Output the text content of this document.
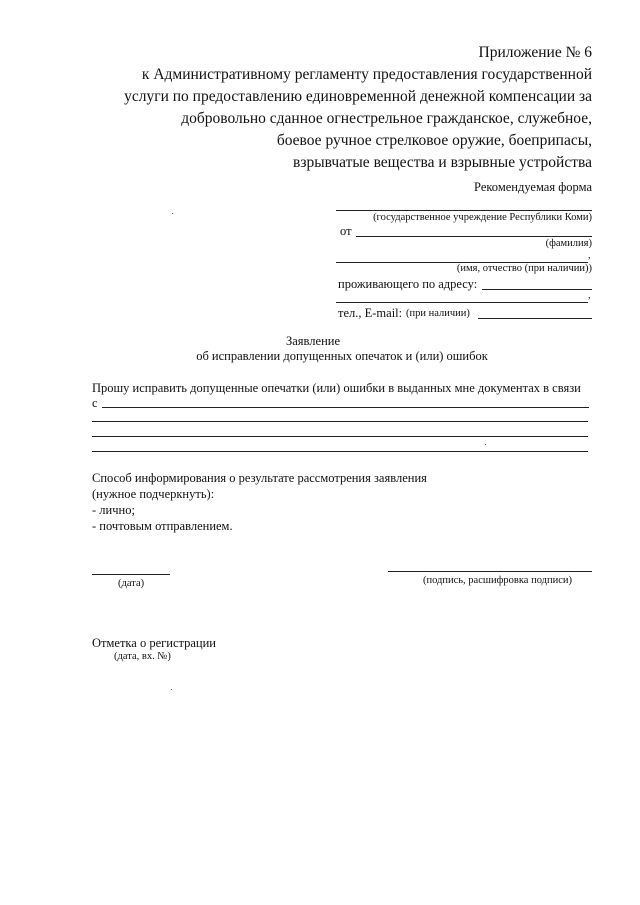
Приложение № 6
к Административному регламенту предоставления государственной
услуги по предоставлению единовременной денежной компенсации за
добровольно сданное огнестрельное гражданское, служебное,
боевое ручное стрелковое оружие, боеприпасы,
взрывчатые вещества и взрывные устройства
Рекомендуемая форма
(государственное учреждение Республики Коми)
от
(фамилия)
,
(имя, отчество (при наличии))
проживающего по адресу:
,
тел., E-mail: (при наличии)
Заявление
об исправлении допущенных опечаток и (или) ошибок
Прошу исправить допущенные опечатки (или) ошибки в выданных мне документах в связи
с
Способ информирования о результате рассмотрения заявления
(нужное подчеркнуть):
- лично;
- почтовым отправлением.
(дата)	(подпись, расшифровка подписи)
Отметка о регистрации
(дата, вх. №)
